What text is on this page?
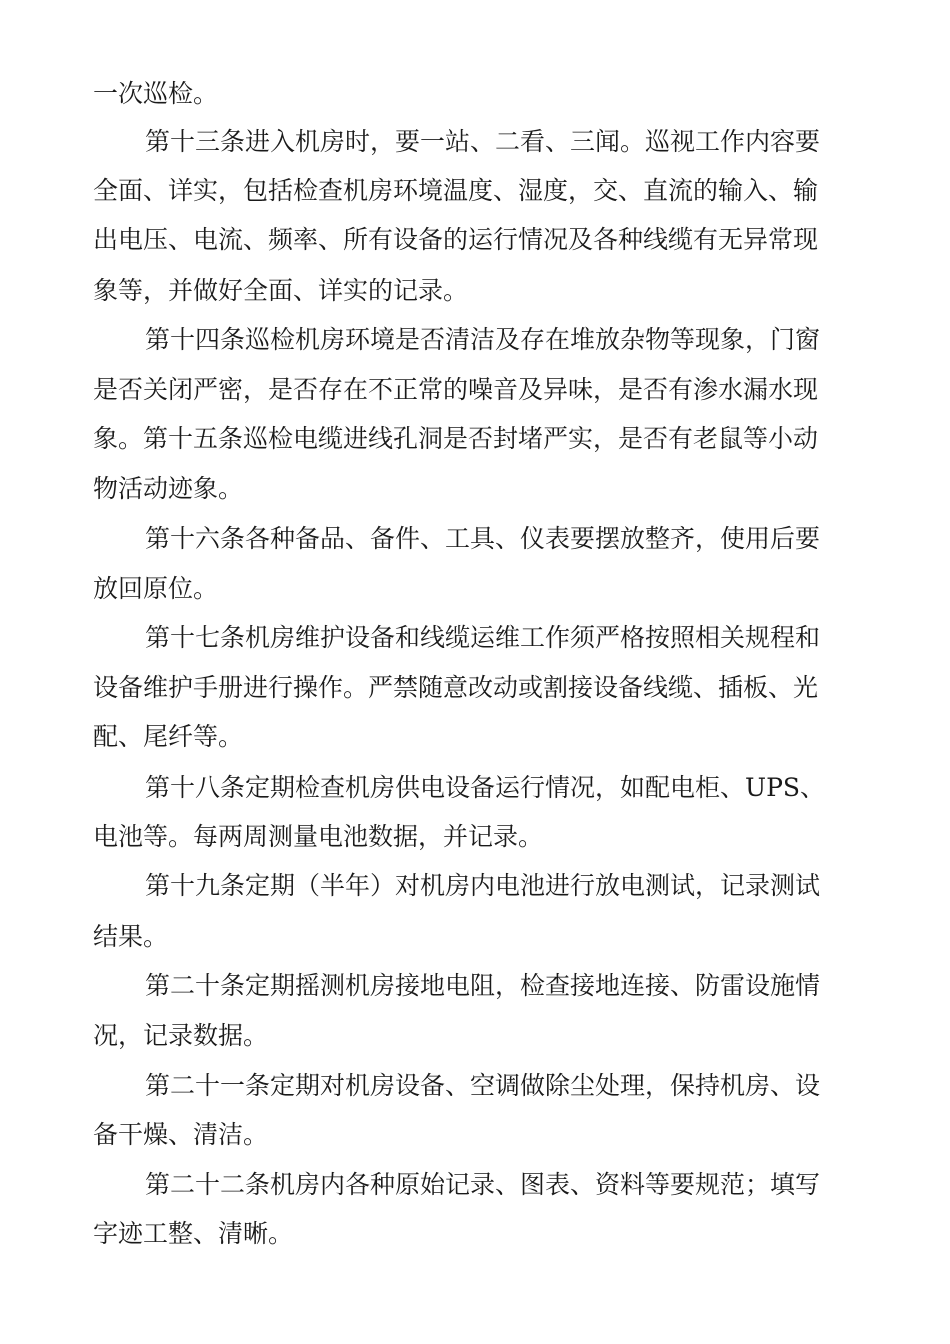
一次巡检。

第十三条进入机房时，要一站、二看、三闻。巡视工作内容要

全面、详实，包括检查机房环境温度、湿度，交、直流的输入、输

出电压、电流、频率、所有设备的运行情况及各种线缆有无异常现

象等，并做好全面、详实的记录。

第十四条巡检机房环境是否清洁及存在堆放杂物等现象，门窗

是否关闭严密，是否存在不正常的噪音及异味，是否有渗水漏水现

象。第十五条巡检电缆进线孔洞是否封堵严实，是否有老鼠等小动

物活动迹象。

第十六条各种备品、备件、工具、仪表要摆放整齐，使用后要

放回原位。

第十七条机房维护设备和线缆运维工作须严格按照相关规程和

设备维护手册进行操作。严禁随意改动或割接设备线缆、插板、光

配、尾纤等。

第十八条定期检查机房供电设备运行情况，如配电柜、UPS、

电池等。每两周测量电池数据，并记录。

第十九条定期（半年）对机房内电池进行放电测试，记录测试

结果。

第二十条定期摇测机房接地电阻，检查接地连接、防雷设施情

况，记录数据。

第二十一条定期对机房设备、空调做除尘处理，保持机房、设

备干燥、清洁。

第二十二条机房内各种原始记录、图表、资料等要规范；填写

字迹工整、清晰。
